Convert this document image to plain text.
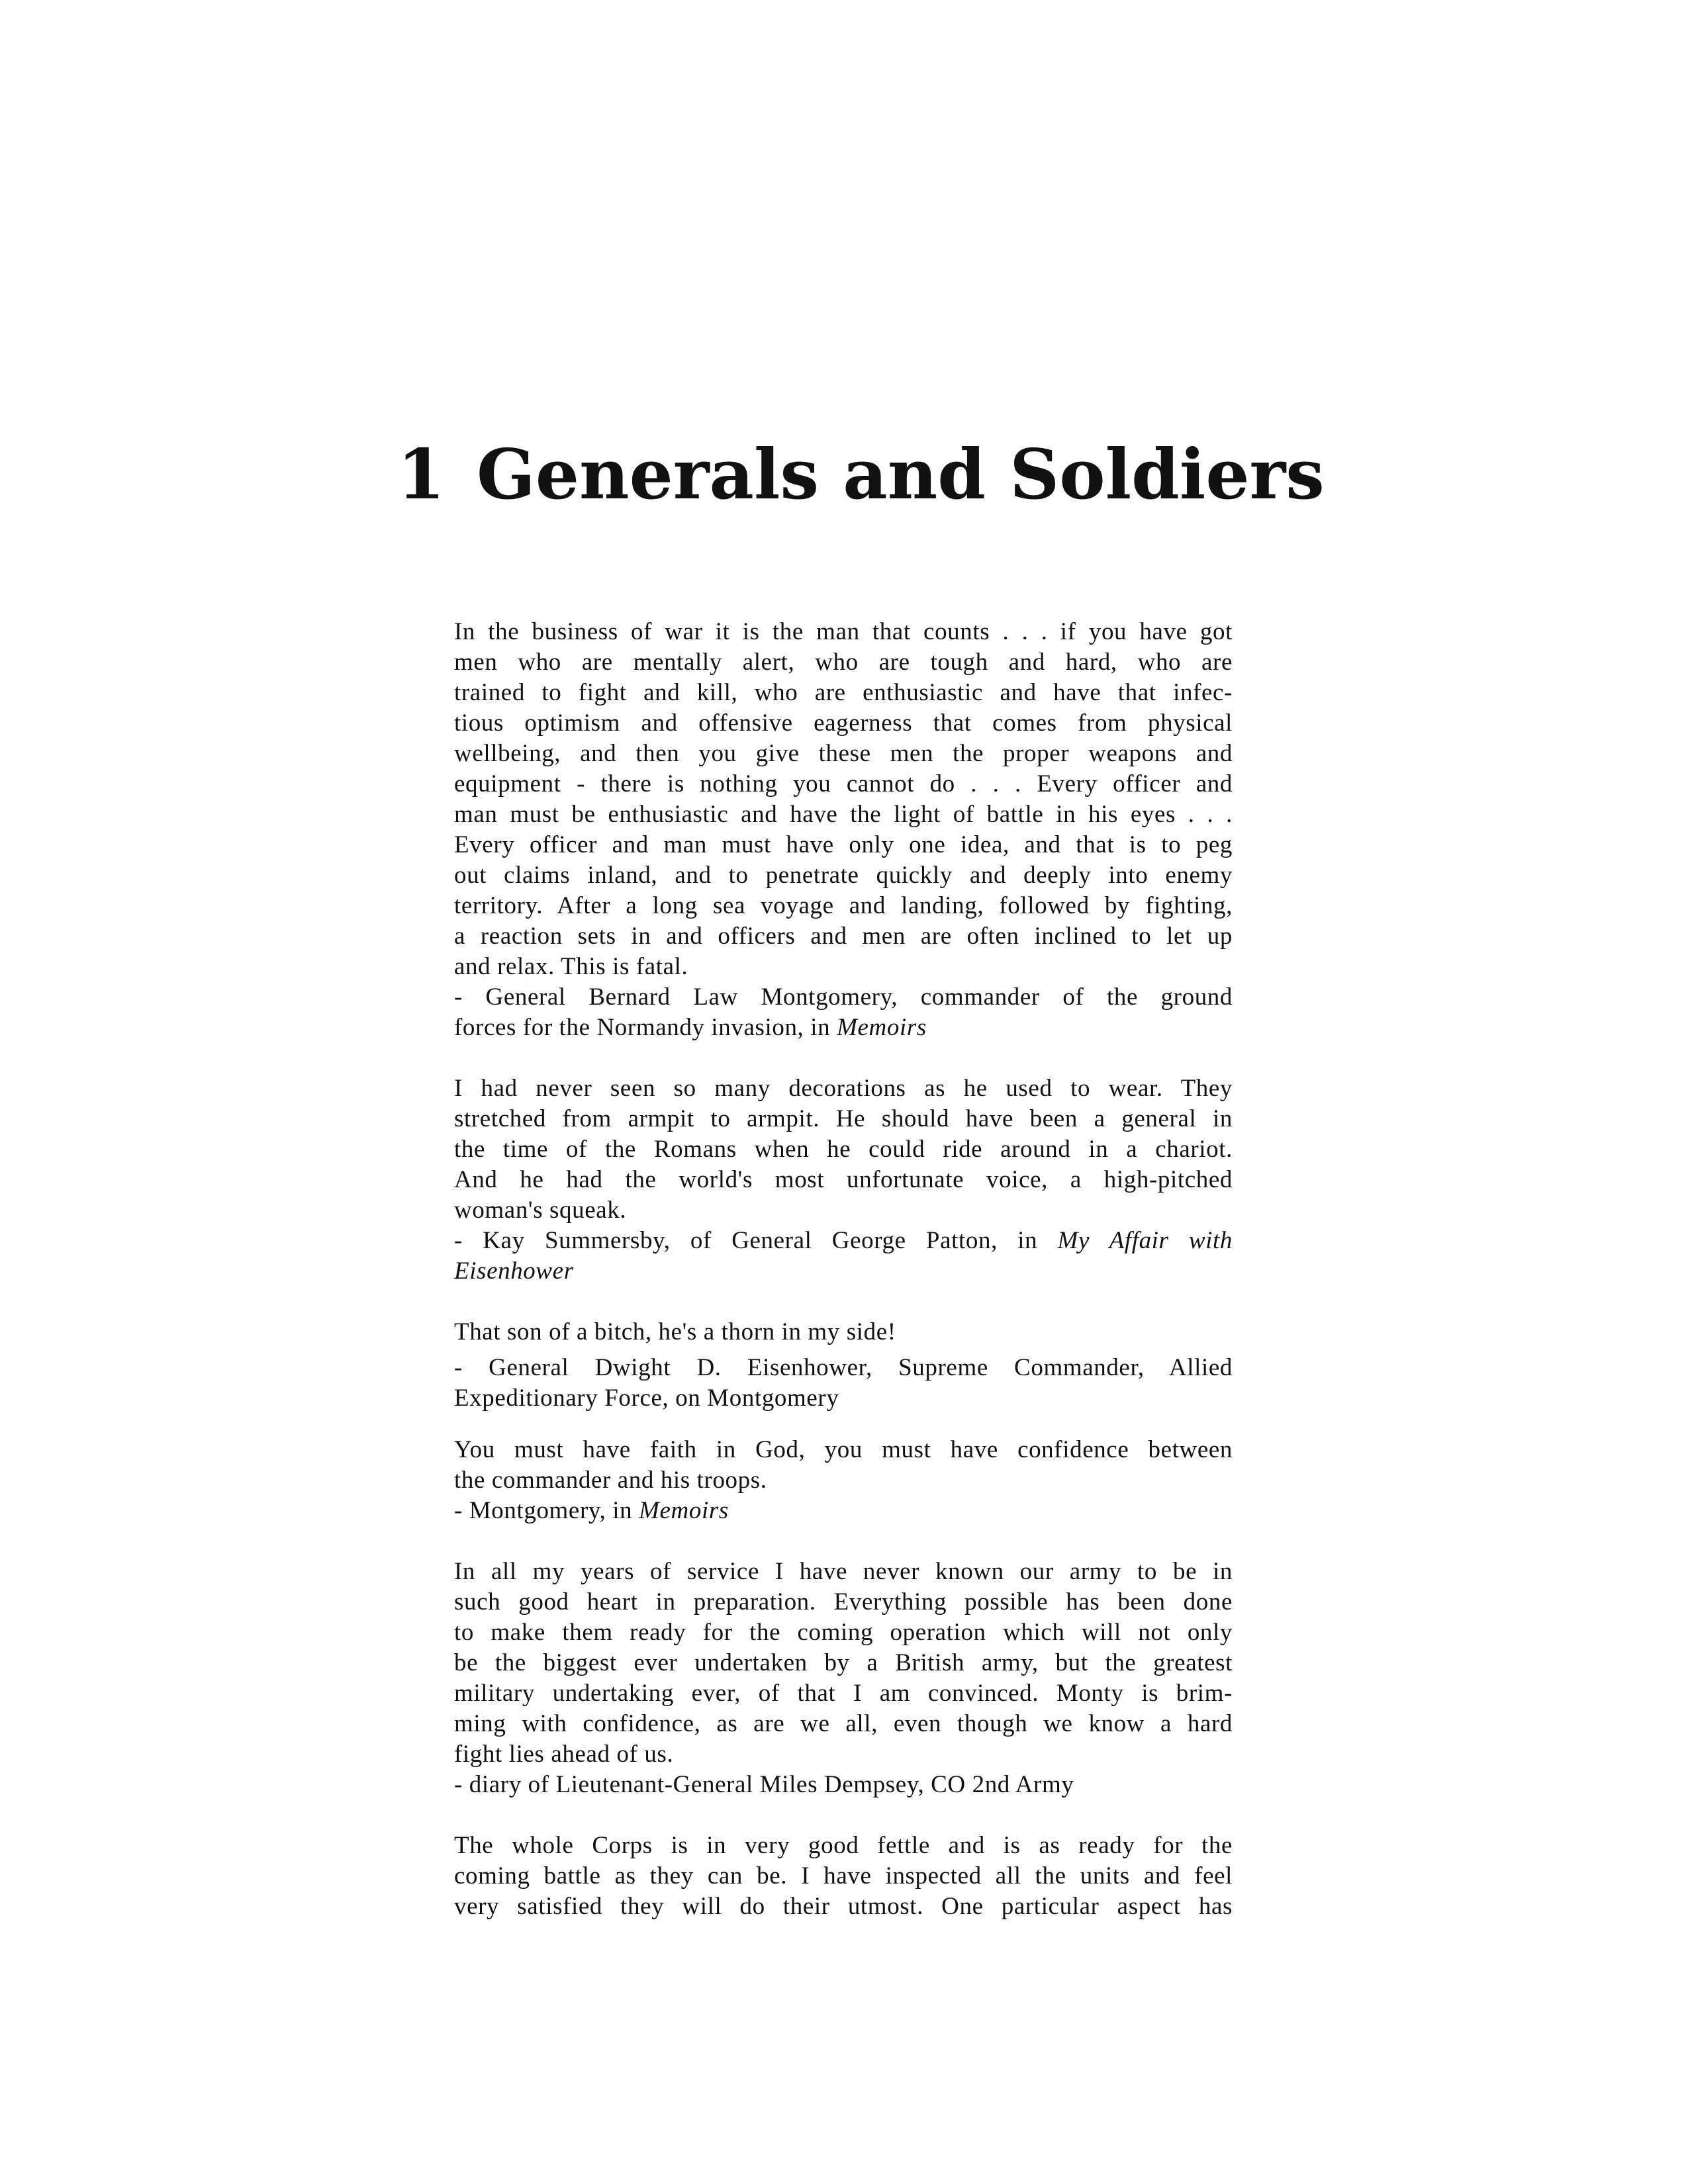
1 Generals and Soldiers
In the business of war it is the man that counts . . . if you have got
men who are mentally alert, who are tough and hard, who are
trained to fight and kill, who are enthusiastic and have that infec-
tious optimism and offensive eagerness that comes from physical
wellbeing, and then you give these men the proper weapons and
equipment - there is nothing you cannot do . . . Every officer and
man must be enthusiastic and have the light of battle in his eyes . . .
Every officer and man must have only one idea, and that is to peg
out claims inland, and to penetrate quickly and deeply into enemy
territory. After a long sea voyage and landing, followed by fighting,
a reaction sets in and officers and men are often inclined to let up
and relax. This is fatal.
- General Bernard Law Montgomery, commander of the ground
forces for the Normandy invasion, in Memoirs
I had never seen so many decorations as he used to wear. They
stretched from armpit to armpit. He should have been a general in
the time of the Romans when he could ride around in a chariot.
And he had the world's most unfortunate voice, a high-pitched
woman's squeak.
- Kay Summersby, of General George Patton, in My Affair with
Eisenhower
That son of a bitch, he's a thorn in my side!
- General Dwight D. Eisenhower, Supreme Commander, Allied
Expeditionary Force, on Montgomery
You must have faith in God, you must have confidence between
the commander and his troops.
- Montgomery, in Memoirs
In all my years of service I have never known our army to be in
such good heart in preparation. Everything possible has been done
to make them ready for the coming operation which will not only
be the biggest ever undertaken by a British army, but the greatest
military undertaking ever, of that I am convinced. Monty is brim-
ming with confidence, as are we all, even though we know a hard
fight lies ahead of us.
- diary of Lieutenant-General Miles Dempsey, CO 2nd Army
The whole Corps is in very good fettle and is as ready for the
coming battle as they can be. I have inspected all the units and feel
very satisfied they will do their utmost. One particular aspect has
